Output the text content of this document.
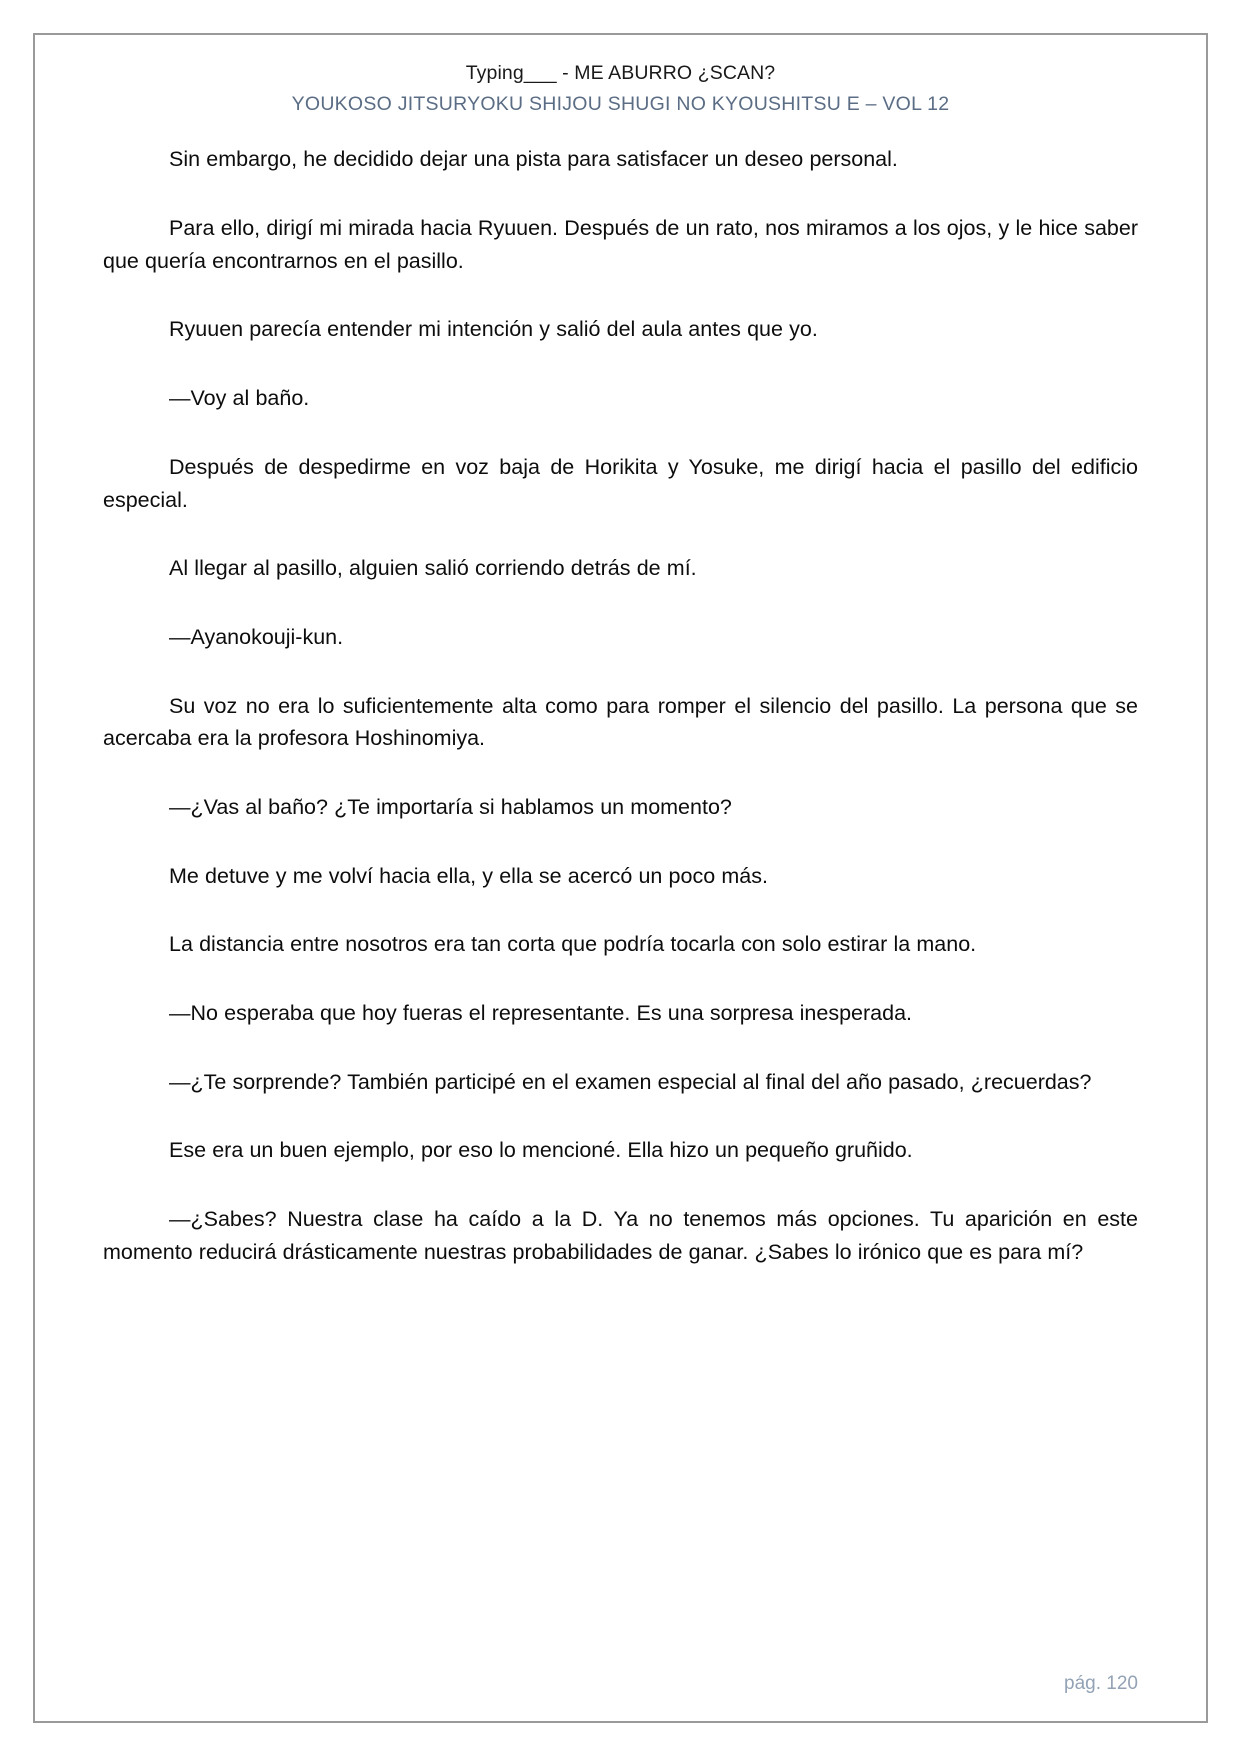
Typing___ - ME ABURRO ¿SCAN?
YOUKOSO JITSURYOKU SHIJOU SHUGI NO KYOUSHITSU E – VOL 12

Sin embargo, he decidido dejar una pista para satisfacer un deseo personal.

Para ello, dirigí mi mirada hacia Ryuuen. Después de un rato, nos miramos a los ojos, y le hice saber que quería encontrarnos en el pasillo.

Ryuuen parecía entender mi intención y salió del aula antes que yo.

—Voy al baño.

Después de despedirme en voz baja de Horikita y Yosuke, me dirigí hacia el pasillo del edificio especial.

Al llegar al pasillo, alguien salió corriendo detrás de mí.

—Ayanokouji-kun.

Su voz no era lo suficientemente alta como para romper el silencio del pasillo. La persona que se acercaba era la profesora Hoshinomiya.

—¿Vas al baño? ¿Te importaría si hablamos un momento?

Me detuve y me volví hacia ella, y ella se acercó un poco más.

La distancia entre nosotros era tan corta que podría tocarla con solo estirar la mano.

—No esperaba que hoy fueras el representante. Es una sorpresa inesperada.

—¿Te sorprende? También participé en el examen especial al final del año pasado, ¿recuerdas?

Ese era un buen ejemplo, por eso lo mencioné. Ella hizo un pequeño gruñido.

—¿Sabes? Nuestra clase ha caído a la D. Ya no tenemos más opciones. Tu aparición en este momento reducirá drásticamente nuestras probabilidades de ganar. ¿Sabes lo irónico que es para mí?

pág. 120
